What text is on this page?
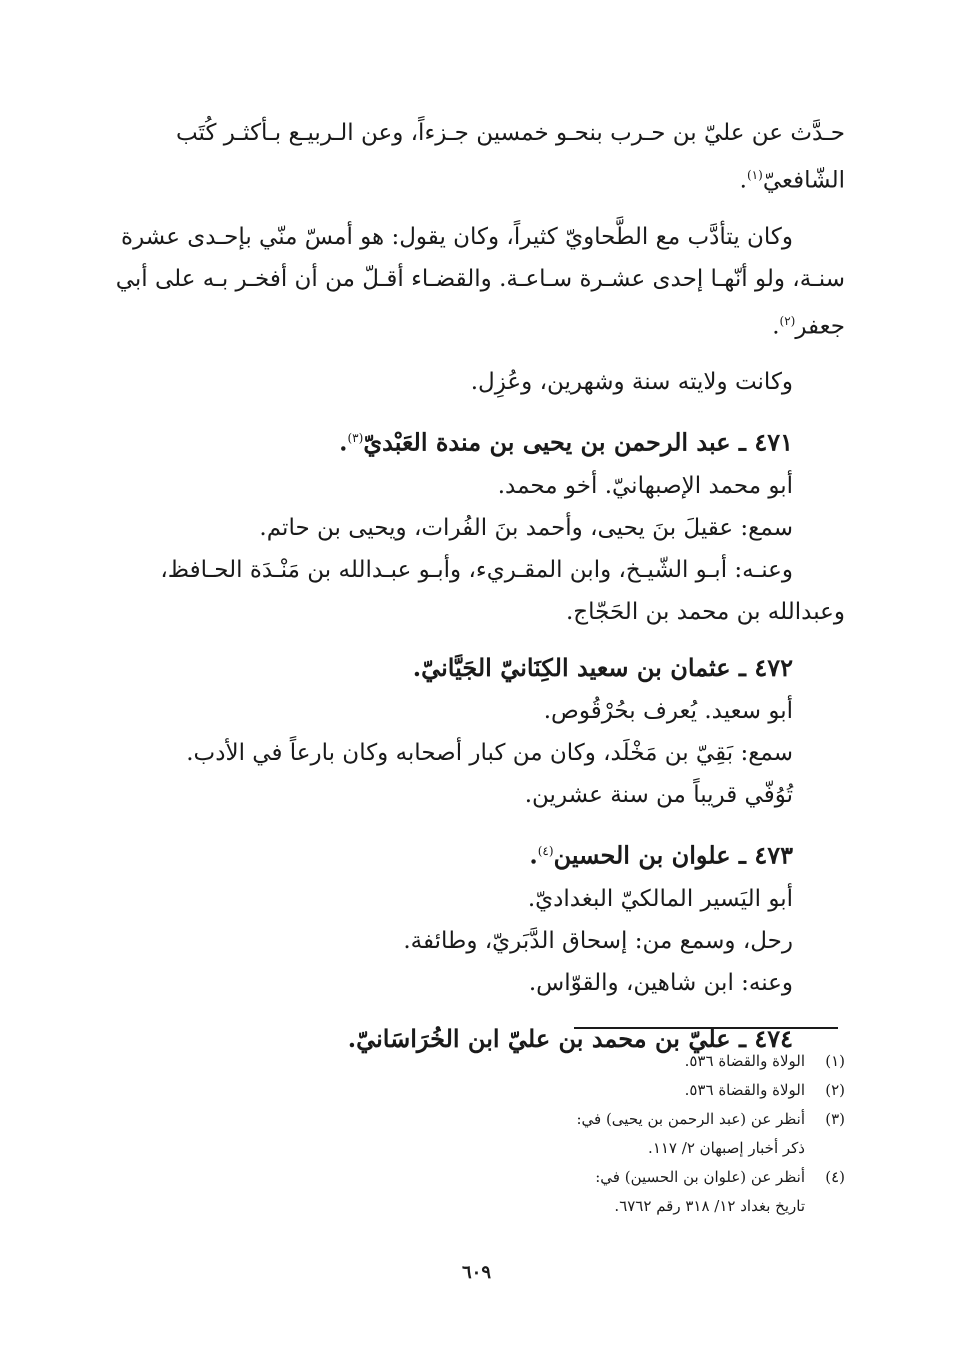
حـدَّث عن عليّ بن حـرب بنحـو خمسين جـزءاً، وعن الـربيـع بـأكثـر كُتَب
الشّافعيّ$^{(١)}$.

وكان يتأدَّب مع الطَّحاويّ كثيراً، وكان يقول: هو أمسّ منّي بإحـدى عشرة

سنـة، ولو أنّهـا إحدى عشـرة سـاعـة. والقضـاء أقـلّ من أن أفخـر بـه على أبي
جعفر$^{(٢)}$.

وكانت ولايته سنة وشهرين، وعُزِل.

٤٧١ ـ عبد الرحمن بن يحيى بن مندة العَبْديّ$^{(٣)}$.
أبو محمد الإصبهانيّ. أخو محمد.
سمع: عقيلَ بنَ يحيى، وأحمد بنَ الفُرات، ويحيى بن حاتم.
وعنـه: أبـو الشّيـخ، وابن المقـريء، وأبـو عبـدالله بن مَنْـدَة الحـافظ،

وعبدالله بن محمد بن الحَجّاج.

٤٧٢ ـ عثمان بن سعيد الكِنَانيّ الجَيَّانيّ.
أبو سعيد. يُعرف بحُرْقُوص.
سمع: بَقِيّ بن مَخْلَد، وكان من كبار أصحابه وكان بارعاً في الأدب.
تُوُفّي قريباً من سنة عشرين.

٤٧٣ ـ علوان بن الحسين$^{(٤)}$.
أبو اليَسير المالكيّ البغداديّ.
رحل، وسمع من: إسحاق الدَّبَريّ، وطائفة.
وعنه: ابن شاهين، والقوّاس.

٤٧٤ ـ عليّ بن محمد بن عليّ ابن الخُرَاسَانيّ.

(١)الولاة والقضاة ٥٣٦.
(٢)الولاة والقضاة ٥٣٦.
(٣)أنظر عن (عبد الرحمن بن يحيى) في:
ذكر أخبار إصبهان ٢/ ١١٧.
(٤)أنظر عن (علوان بن الحسين) في:
تاريخ بغداد ١٢/ ٣١٨ رقم ٦٧٦٢.
٦٠٩
